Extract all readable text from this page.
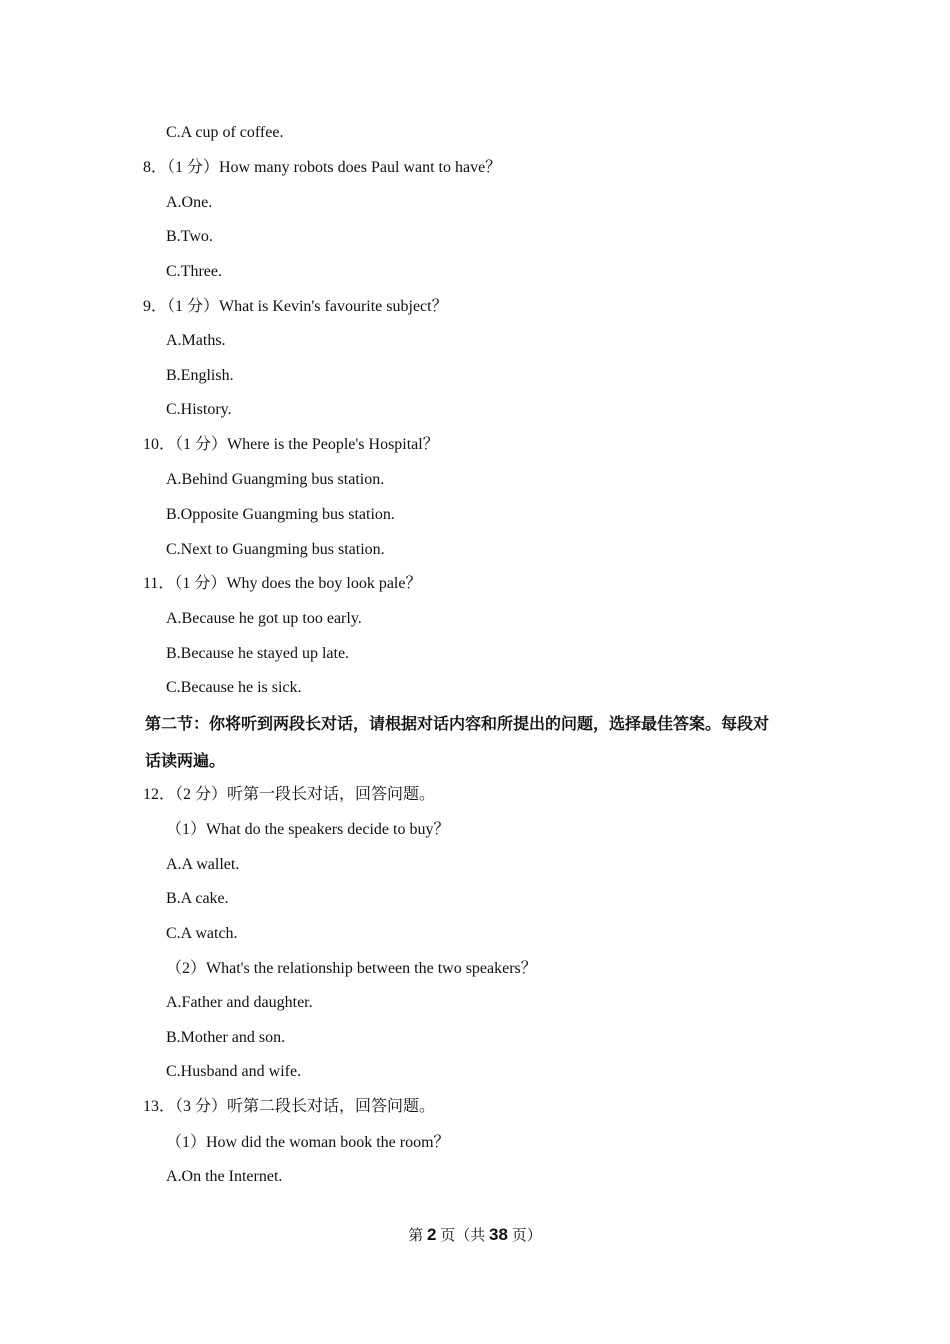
C.A cup of coffee.
8．（1 分）How many robots does Paul want to have？
A.One.
B.Two.
C.Three.
9．（1 分）What is Kevin's favourite subject？
A.Maths.
B.English.
C.History.
10．（1 分）Where is the People's Hospital？
A.Behind Guangming bus station.
B.Opposite Guangming bus station.
C.Next to Guangming bus station.
11．（1 分）Why does the boy look pale？
A.Because he got up too early.
B.Because he stayed up late.
C.Because he is sick.
第二节：你将听到两段长对话，请根据对话内容和所提出的问题，选择最佳答案。每段对
话读两遍。
12．（2 分）听第一段长对话，回答问题。
（1）What do the speakers decide to buy？
A.A wallet.
B.A cake.
C.A watch.
（2）What's the relationship between the two speakers？
A.Father and daughter.
B.Mother and son.
C.Husband and wife.
13．（3 分）听第二段长对话，回答问题。
（1）How did the woman book the room？
A.On the Internet.
第 2 页（共 38 页）
